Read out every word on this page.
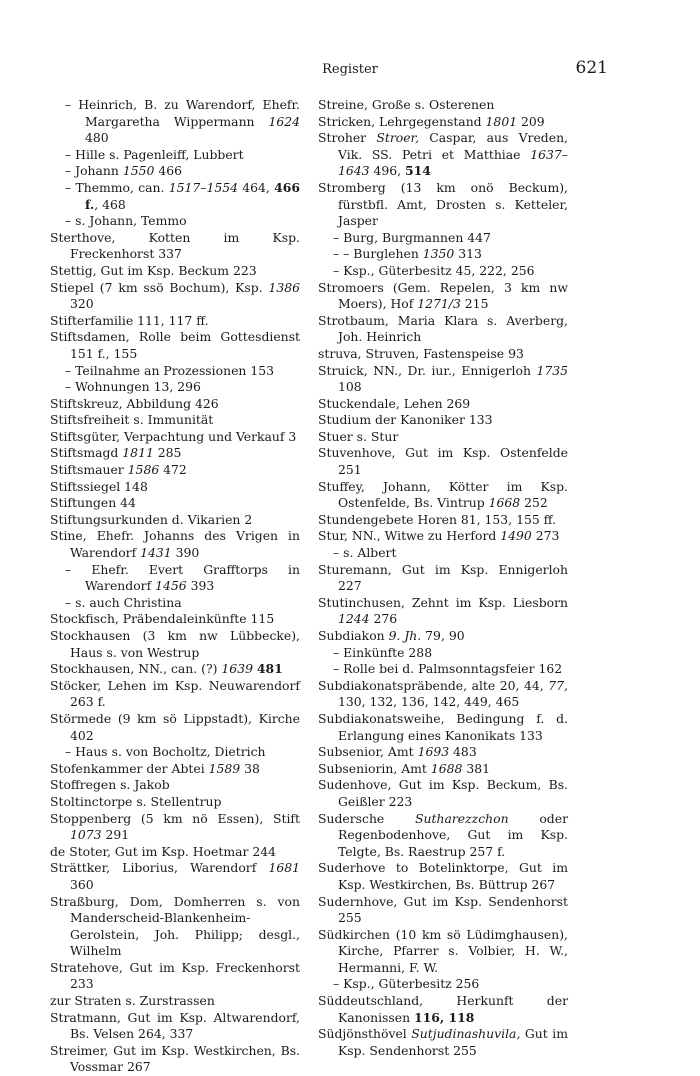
Register	621
– Heinrich, B. zu Warendorf, Ehefr. Margaretha Wippermann 1624 480
– Hille s. Pagenleiff, Lubbert
– Johann 1550 466
– Themmo, can. 1517–1554 464, 466 f., 468
– s. Johann, Temmo
Sterthove, Kotten im Ksp. Freckenhorst 337
Stettig, Gut im Ksp. Beckum 223
Stiepel (7 km ssö Bochum), Ksp. 1386 320
Stifterfamilie 111, 117 ff.
Stiftsdamen, Rolle beim Gottesdienst 151 f., 155
– Teilnahme an Prozessionen 153
– Wohnungen 13, 296
Stiftskreuz, Abbildung 426
Stiftsfreiheit s. Immunität
Stiftsgüter, Verpachtung und Verkauf 3
Stiftsmagd 1811 285
Stiftsmauer 1586 472
Stiftssiegel 148
Stiftungen 44
Stiftungsurkunden d. Vikarien 2
Stine, Ehefr. Johanns des Vrigen in Warendorf 1431 390
– Ehefr. Evert Grafftorps in Warendorf 1456 393
– s. auch Christina
Stockfisch, Präbendaleinkünfte 115
Stockhausen (3 km nw Lübbecke), Haus s. von Westrup
Stockhausen, NN., can. (?) 1639 481
Stöcker, Lehen im Ksp. Neuwarendorf 263 f.
Störmede (9 km sö Lippstadt), Kirche 402
– Haus s. von Bocholtz, Dietrich
Stofenkammer der Abtei 1589 38
Stoffregen s. Jakob
Stoltinctorpe s. Stellentrup
Stoppenberg (5 km nö Essen), Stift 1073 291
de Stoter, Gut im Ksp. Hoetmar 244
Strättker, Liborius, Warendorf 1681 360
Straßburg, Dom, Domherren s. von Manderscheid-Blankenheim-Gerolstein, Joh. Philipp; desgl., Wilhelm
Stratehove, Gut im Ksp. Freckenhorst 233
zur Straten s. Zurstrassen
Stratmann, Gut im Ksp. Altwarendorf, Bs. Velsen 264, 337
Streimer, Gut im Ksp. Westkirchen, Bs. Vossmar 267
Streine, Große s. Osterenen
Stricken, Lehrgegenstand 1801 209
Stroher Stroer, Caspar, aus Vreden, Vik. SS. Petri et Matthiae 1637–1643 496, 514
Stromberg (13 km onö Beckum), fürstbfl. Amt, Drosten s. Ketteler, Jasper
– Burg, Burgmannen 447
– – Burglehen 1350 313
– Ksp., Güterbesitz 45, 222, 256
Stromoers (Gem. Repelen, 3 km nw Moers), Hof 1271/3 215
Strotbaum, Maria Klara s. Averberg, Joh. Heinrich
struva, Struven, Fastenspeise 93
Struick, NN., Dr. iur., Ennigerloh 1735 108
Stuckendale, Lehen 269
Studium der Kanoniker 133
Stuer s. Stur
Stuvenhove, Gut im Ksp. Ostenfelde 251
Stuffey, Johann, Kötter im Ksp. Ostenfelde, Bs. Vintrup 1668 252
Stundengebete Horen 81, 153, 155 ff.
Stur, NN., Witwe zu Herford 1490 273
– s. Albert
Sturemann, Gut im Ksp. Ennigerloh 227
Stutinchusen, Zehnt im Ksp. Liesborn 1244 276
Subdiakon 9. Jh. 79, 90
– Einkünfte 288
– Rolle bei d. Palmsonntagsfeier 162
Subdiakonatspräbende, alte 20, 44, 77, 130, 132, 136, 142, 449, 465
Subdiakonatsweihe, Bedingung f. d. Erlangung eines Kanonikats 133
Subsenior, Amt 1693 483
Subseniorin, Amt 1688 381
Sudenhove, Gut im Ksp. Beckum, Bs. Geißler 223
Sudersche Sutharezzchon oder Regenbodenhove, Gut im Ksp. Telgte, Bs. Raestrup 257 f.
Suderhove to Botelinktorpe, Gut im Ksp. Westkirchen, Bs. Büttrup 267
Sudernhove, Gut im Ksp. Sendenhorst 255
Südkirchen (10 km sö Lüdimghausen), Kirche, Pfarrer s. Volbier, H. W., Hermanni, F. W.
– Ksp., Güterbesitz 256
Süddeutschland, Herkunft der Kanonissen 116, 118
Südjönsthövel Sutjudinashuvila, Gut im Ksp. Sendenhorst 255
